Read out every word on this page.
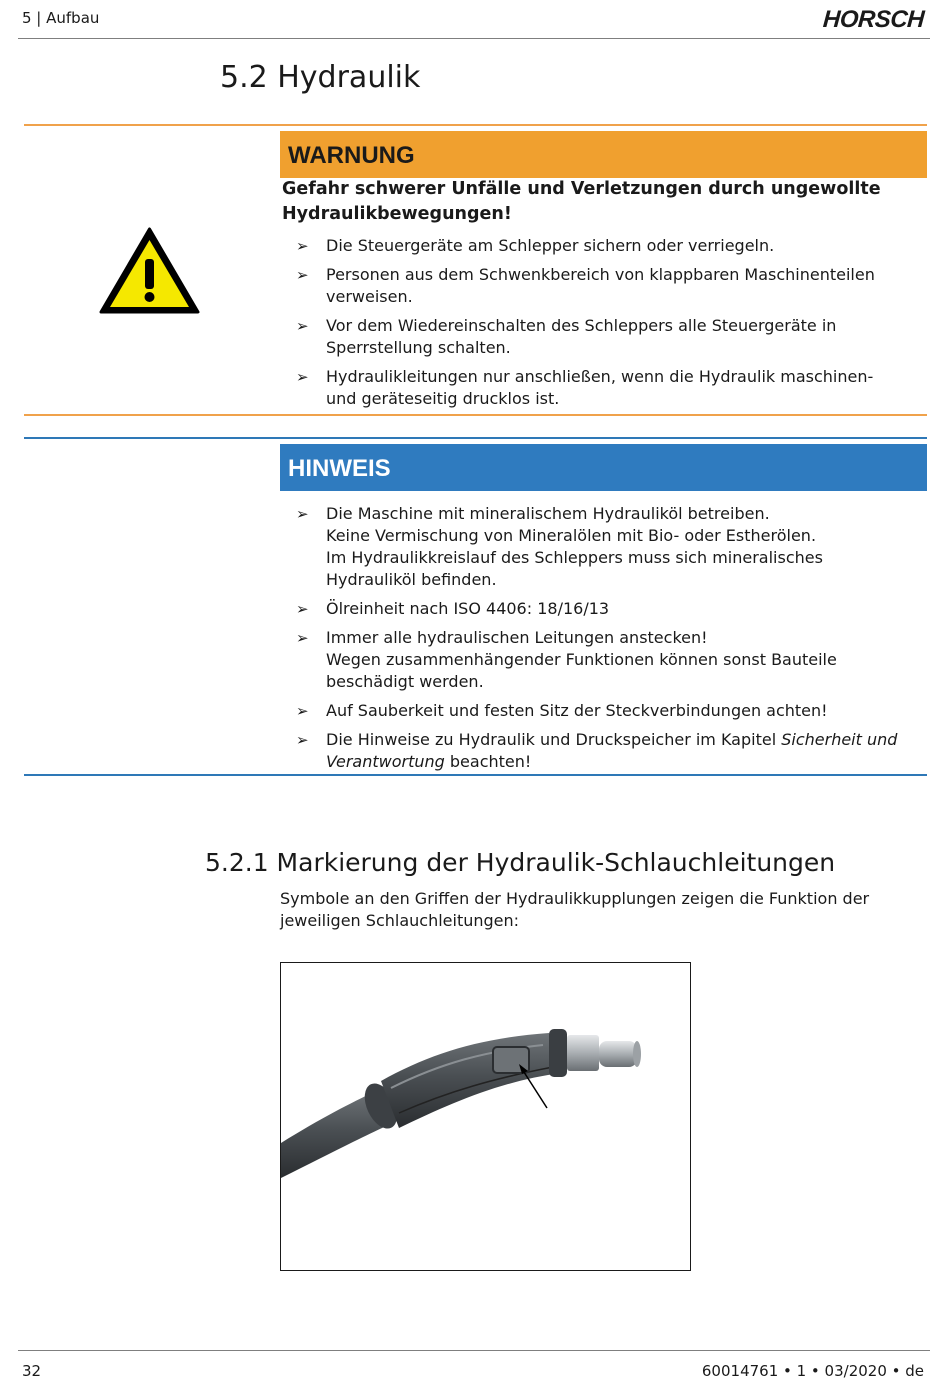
5 | Aufbau	HORSCH
5.2 Hydraulik
WARNUNG
Gefahr schwerer Unfälle und Verletzungen durch ungewollte Hydraulikbewegungen!
➢ Die Steuergeräte am Schlepper sichern oder verriegeln.
➢ Personen aus dem Schwenkbereich von klappbaren Maschinenteilen verweisen.
➢ Vor dem Wiedereinschalten des Schleppers alle Steuergeräte in Sperrstellung schalten.
➢ Hydraulikleitungen nur anschließen, wenn die Hydraulik maschinen- und geräteseitig drucklos ist.
HINWEIS
➢ Die Maschine mit mineralischem Hydrauliköl betreiben.
Keine Vermischung von Mineralölen mit Bio- oder Estherölen.
Im Hydraulikkreislauf des Schleppers muss sich mineralisches Hydrauliköl befinden.
➢ Ölreinheit nach ISO 4406: 18/16/13
➢ Immer alle hydraulischen Leitungen anstecken!
Wegen zusammenhängender Funktionen können sonst Bauteile beschädigt werden.
➢ Auf Sauberkeit und festen Sitz der Steckverbindungen achten!
➢ Die Hinweise zu Hydraulik und Druckspeicher im Kapitel Sicherheit und Verantwortung beachten!
5.2.1 Markierung der Hydraulik-Schlauchleitungen
Symbole an den Griffen der Hydraulikkupplungen zeigen die Funktion der jeweiligen Schlauchleitungen:
32	60014761 • 1 • 03/2020 • de
